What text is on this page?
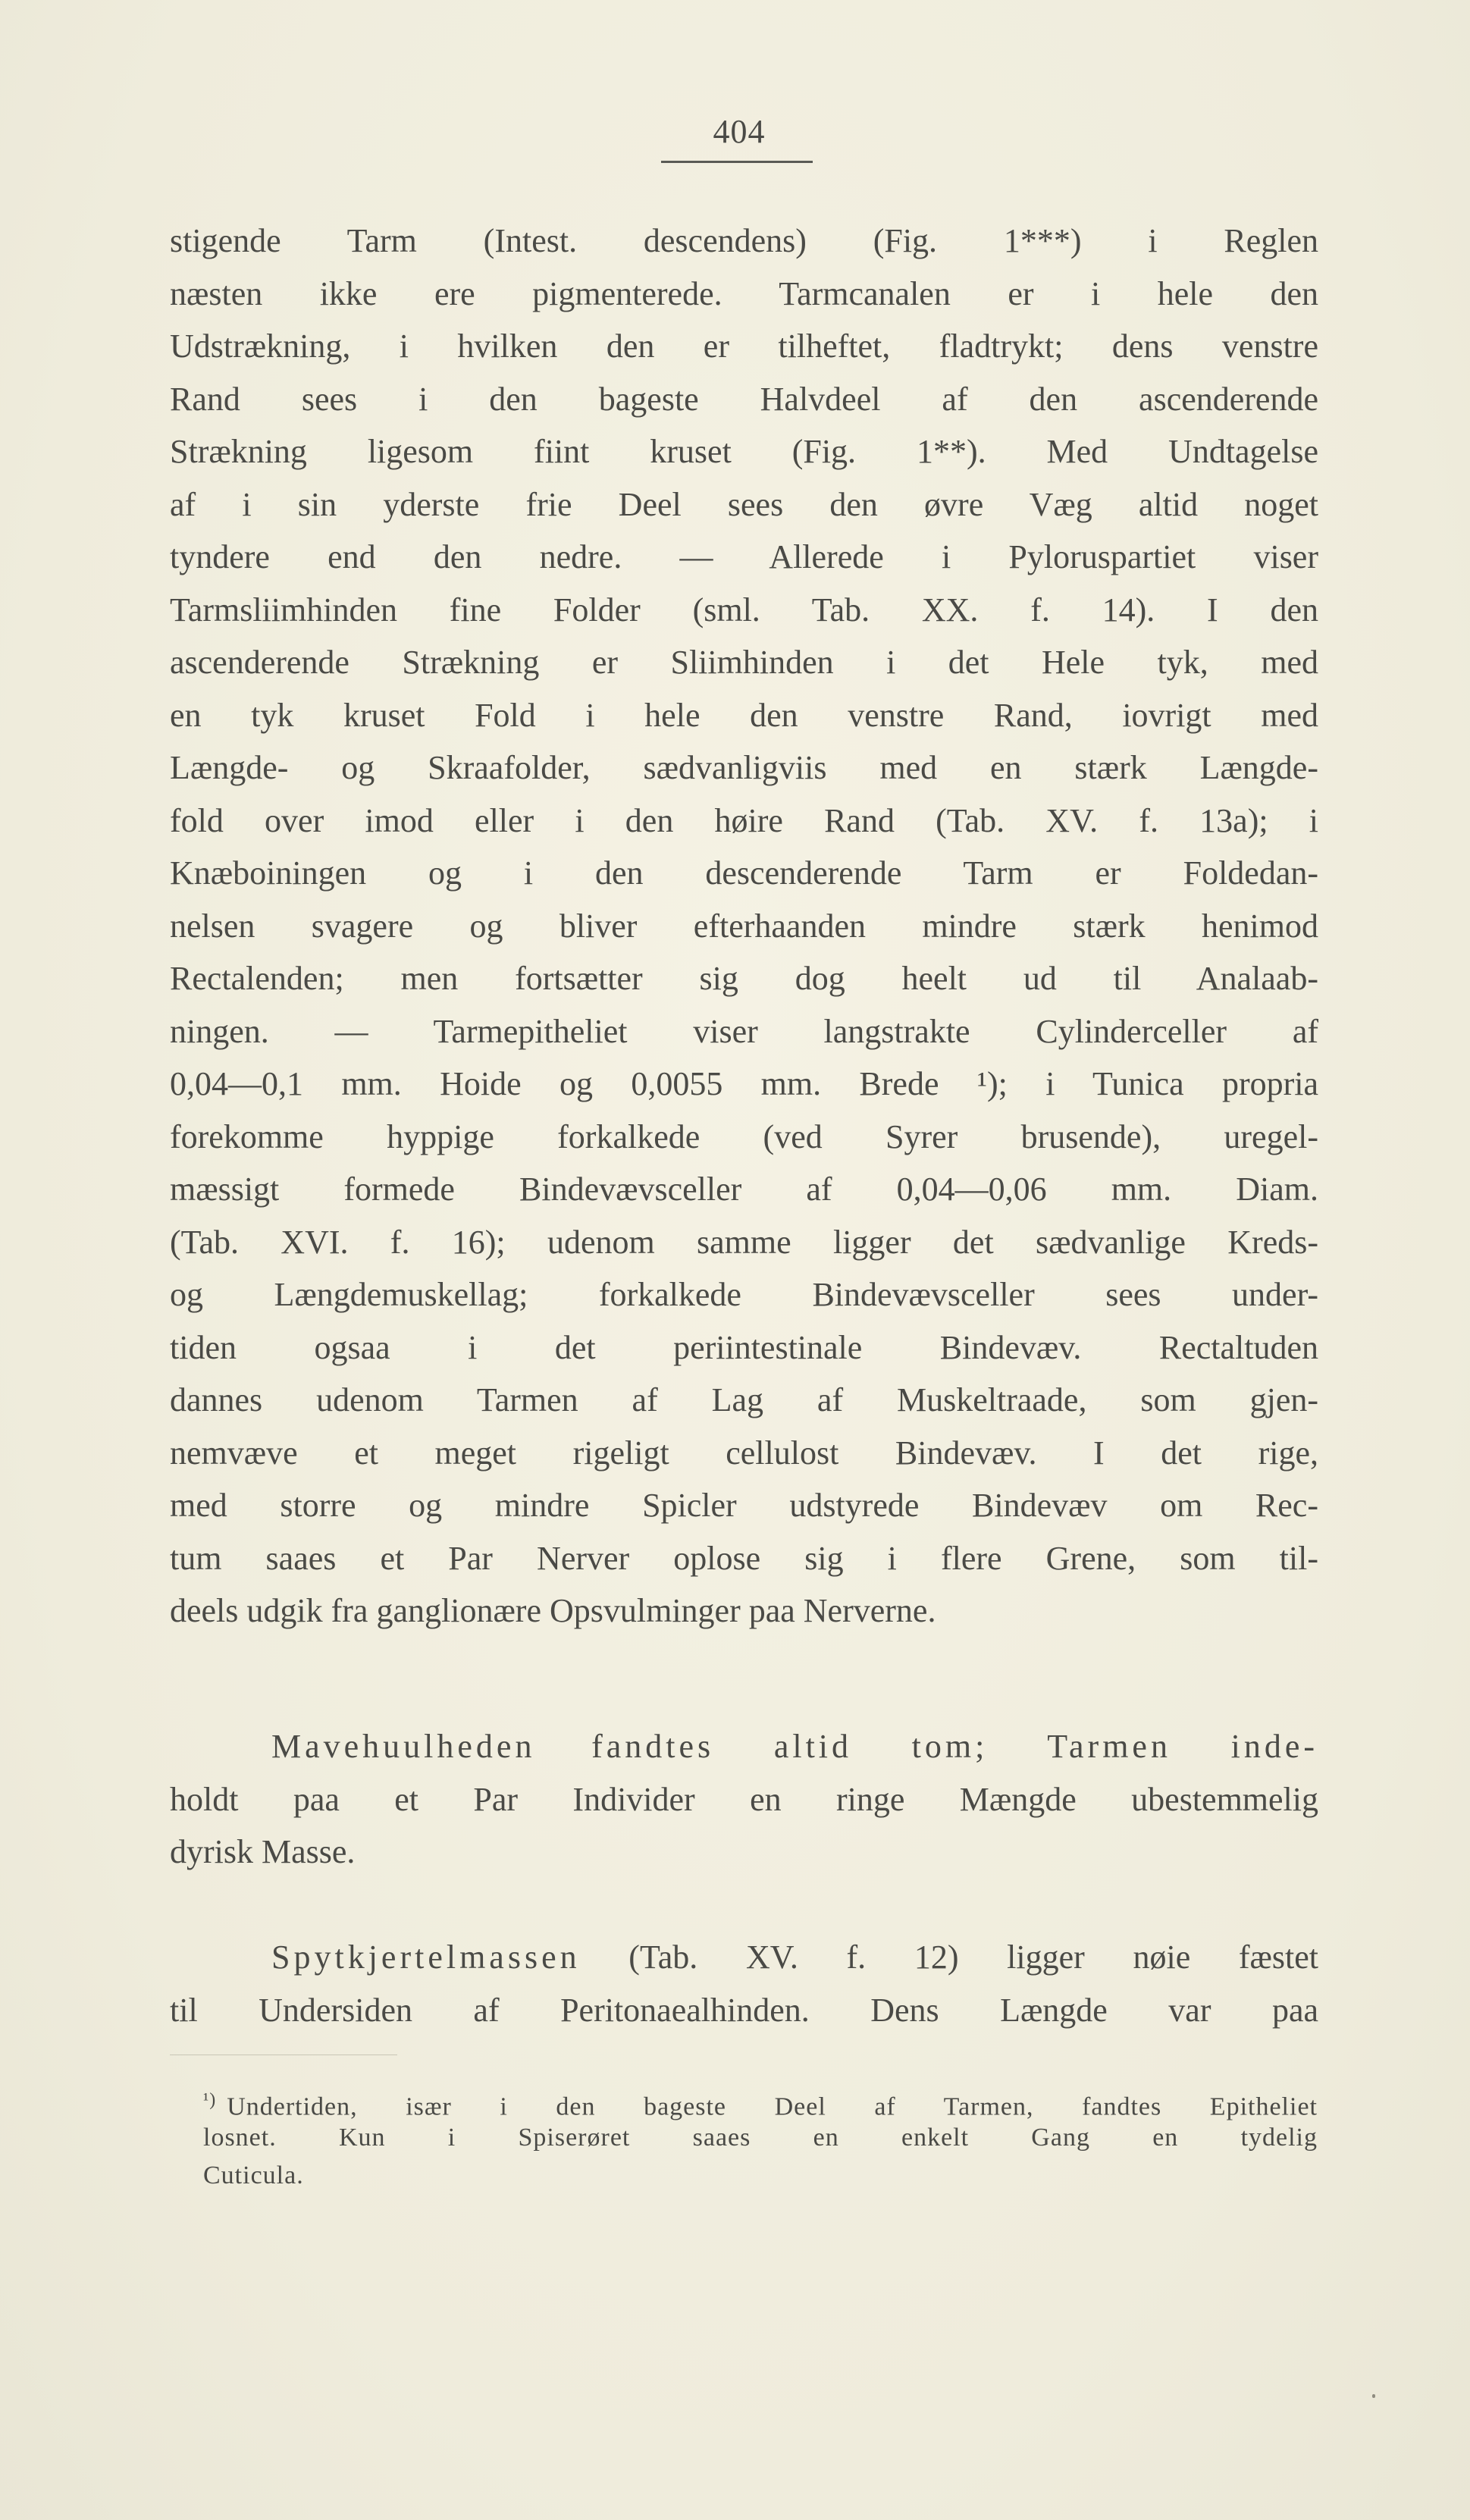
404
stigende Tarm (Intest. descendens) (Fig. 1***) i Reglen
næsten ikke ere pigmenterede. Tarmcanalen er i hele den
Udstrækning, i hvilken den er tilheftet, fladtrykt; dens venstre
Rand sees i den bageste Halvdeel af den ascenderende
Strækning ligesom fiint kruset (Fig. 1**). Med Undtagelse
af i sin yderste frie Deel sees den øvre Væg altid noget
tyndere end den nedre. — Allerede i Pyloruspartiet viser
Tarmsliimhinden fine Folder (sml. Tab. XX. f. 14). I den
ascenderende Strækning er Sliimhinden i det Hele tyk, med
en tyk kruset Fold i hele den venstre Rand, iovrigt med
Længde- og Skraafolder, sædvanligviis med en stærk Længde-
fold over imod eller i den høire Rand (Tab. XV. f. 13a); i
Knæboiningen og i den descenderende Tarm er Foldedan-
nelsen svagere og bliver efterhaanden mindre stærk henimod
Rectalenden; men fortsætter sig dog heelt ud til Analaab-
ningen. — Tarmepitheliet viser langstrakte Cylinderceller af
0,04—0,1 mm. Hoide og 0,0055 mm. Brede ¹); i Tunica propria
forekomme hyppige forkalkede (ved Syrer brusende), uregel-
mæssigt formede Bindevævsceller af 0,04—0,06 mm. Diam.
(Tab. XVI. f. 16); udenom samme ligger det sædvanlige Kreds-
og Længdemuskellag; forkalkede Bindevævsceller sees under-
tiden ogsaa i det periintestinale Bindevæv. Rectaltuden
dannes udenom Tarmen af Lag af Muskeltraade, som gjen-
nemvæve et meget rigeligt cellulost Bindevæv. I det rige,
med storre og mindre Spicler udstyrede Bindevæv om Rec-
tum saaes et Par Nerver oplose sig i flere Grene, som til-
deels udgik fra ganglionære Opsvulminger paa Nerverne.
Mavehuulheden fandtes altid tom; Tarmen inde-
holdt paa et Par Individer en ringe Mængde ubestemmelig
dyrisk Masse.
Spytkjertelmassen (Tab. XV. f. 12) ligger nøie fæstet
til Undersiden af Peritonaealhinden. Dens Længde var paa
$^{^1)}$ Undertiden, især i den bageste Deel af Tarmen, fandtes Epitheliet
losnet. Kun i Spiserøret saaes en enkelt Gang en tydelig
Cuticula.
